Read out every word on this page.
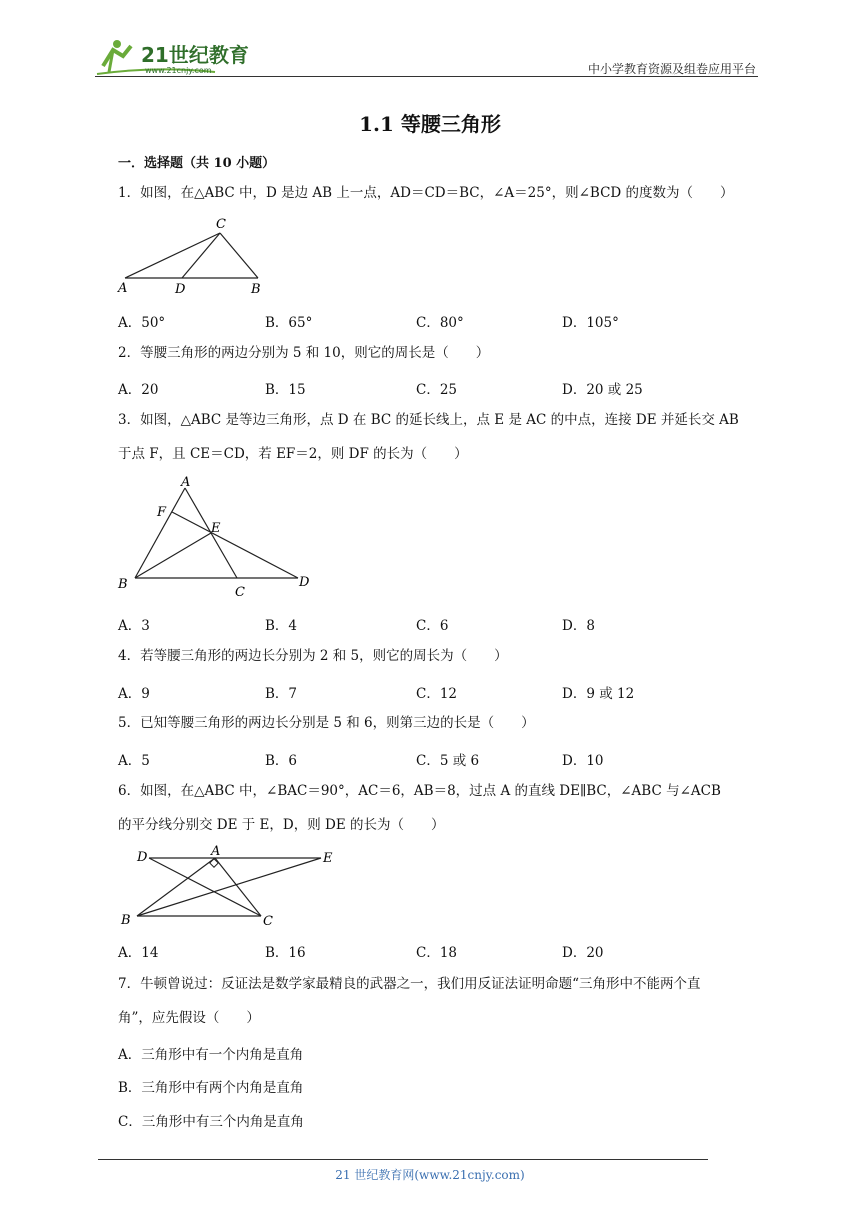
21世纪教育
www.21cnjy.com	中小学教育资源及组卷应用平台
1.1 等腰三角形
一．选择题（共 10 小题）
1．如图，在△ABC 中，D 是边 AB 上一点，AD＝CD＝BC，∠A＝25°，则∠BCD 的度数为（　　）
C
A	D	B
A．50°	B．65°	C．80°	D．105°
2．等腰三角形的两边分别为 5 和 10，则它的周长是（　　）
A．20	B．15	C．25	D．20 或 25
3．如图，△ABC 是等边三角形，点 D 在 BC 的延长线上，点 E 是 AC 的中点，连接 DE 并延长交 AB
于点 F，且 CE＝CD，若 EF＝2，则 DF 的长为（　　）
A
F
E
B
C
D
A．3	B．4	C．6	D．8
4．若等腰三角形的两边长分别为 2 和 5，则它的周长为（　　）
A．9	B．7	C．12	D．9 或 12
5．已知等腰三角形的两边长分别是 5 和 6，则第三边的长是（　　）
A．5	B．6	C．5 或 6	D．10
6．如图，在△ABC 中，∠BAC＝90°，AC＝6，AB＝8，过点 A 的直线 DE∥BC，∠ABC 与∠ACB
的平分线分别交 DE 于 E，D，则 DE 的长为（　　）
D	A	E
B	C
A．14	B．16	C．18	D．20
7．牛顿曾说过：反证法是数学家最精良的武器之一，我们用反证法证明命题“三角形中不能两个直
角”，应先假设（　　）
A．三角形中有一个内角是直角
B．三角形中有两个内角是直角
C．三角形中有三个内角是直角
21 世纪教育网(www.21cnjy.com)
